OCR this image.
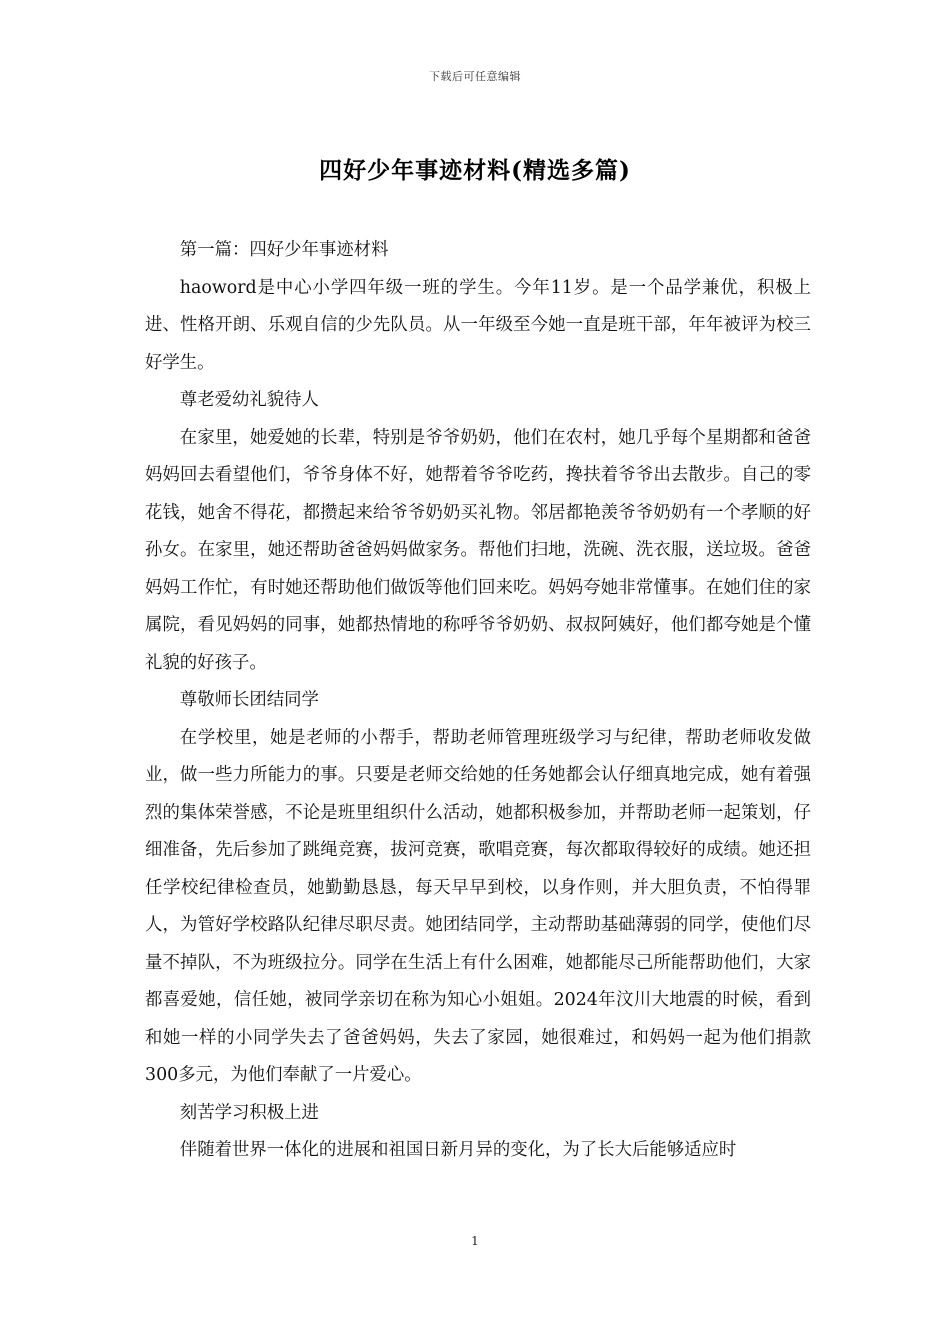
下载后可任意编辑
四好少年事迹材料(精选多篇)

第一篇：四好少年事迹材料

haoword是中心小学四年级一班的学生。今年11岁。是一个品学兼优，积极上进、性格开朗、乐观自信的少先队员。从一年级至今她一直是班干部，年年被评为校三好学生。

尊老爱幼礼貌待人

在家里，她爱她的长辈，特别是爷爷奶奶，他们在农村，她几乎每个星期都和爸爸妈妈回去看望他们，爷爷身体不好，她帮着爷爷吃药，搀扶着爷爷出去散步。自己的零花钱，她舍不得花，都攒起来给爷爷奶奶买礼物。邻居都艳羡爷爷奶奶有一个孝顺的好孙女。在家里，她还帮助爸爸妈妈做家务。帮他们扫地，洗碗、洗衣服，送垃圾。爸爸妈妈工作忙，有时她还帮助他们做饭等他们回来吃。妈妈夸她非常懂事。在她们住的家属院，看见妈妈的同事，她都热情地的称呼爷爷奶奶、叔叔阿姨好，他们都夸她是个懂礼貌的好孩子。

尊敬师长团结同学

在学校里，她是老师的小帮手，帮助老师管理班级学习与纪律，帮助老师收发做业，做一些力所能力的事。只要是老师交给她的任务她都会认仔细真地完成，她有着强烈的集体荣誉感，不论是班里组织什么活动，她都积极参加，并帮助老师一起策划，仔细准备，先后参加了跳绳竞赛，拔河竞赛，歌唱竞赛，每次都取得较好的成绩。她还担任学校纪律检查员，她勤勤恳恳，每天早早到校，以身作则，并大胆负责，不怕得罪人，为管好学校路队纪律尽职尽责。她团结同学，主动帮助基础薄弱的同学，使他们尽量不掉队，不为班级拉分。同学在生活上有什么困难，她都能尽己所能帮助他们，大家都喜爱她，信任她，被同学亲切在称为知心小姐姐。2024年汶川大地震的时候，看到和她一样的小同学失去了爸爸妈妈，失去了家园，她很难过，和妈妈一起为他们捐款300多元，为他们奉献了一片爱心。

刻苦学习积极上进

伴随着世界一体化的进展和祖国日新月异的变化，为了长大后能够适应时

1
